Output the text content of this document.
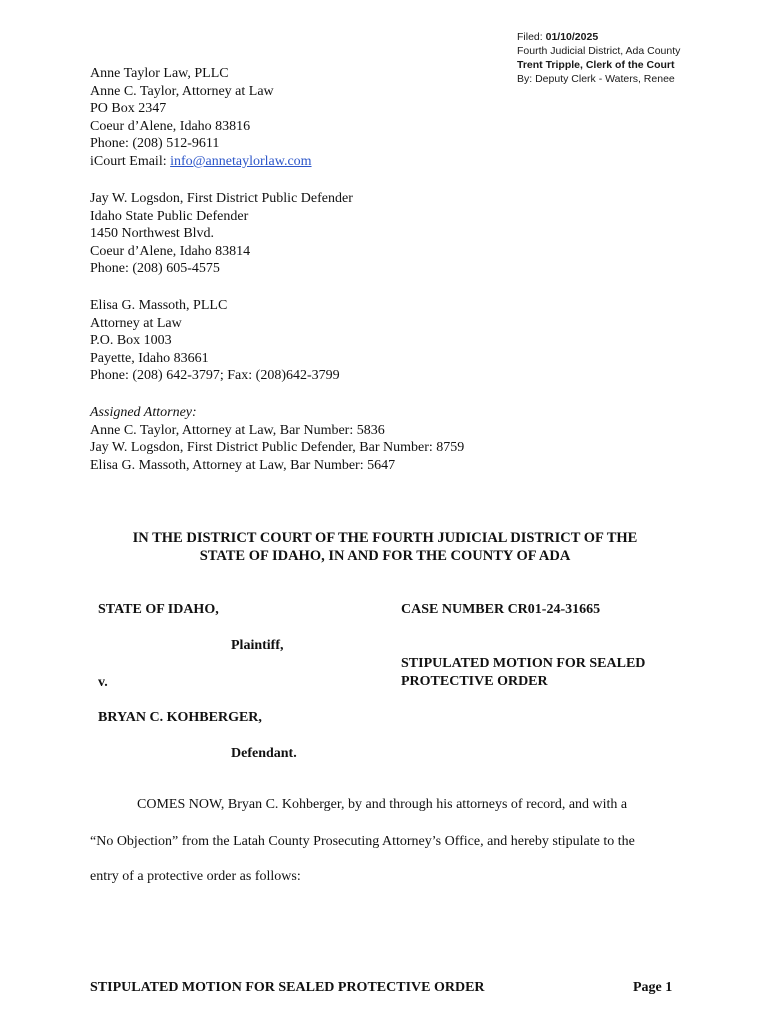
Filed: 01/10/2025
Fourth Judicial District, Ada County
Trent Tripple, Clerk of the Court
By: Deputy Clerk - Waters, Renee
Anne Taylor Law, PLLC
Anne C. Taylor, Attorney at Law
PO Box 2347
Coeur d’Alene, Idaho 83816
Phone: (208) 512-9611
iCourt Email: info@annetaylorlaw.com
Jay W. Logsdon, First District Public Defender
Idaho State Public Defender
1450 Northwest Blvd.
Coeur d’Alene, Idaho 83814
Phone: (208) 605-4575
Elisa G. Massoth, PLLC
Attorney at Law
P.O. Box 1003
Payette, Idaho 83661
Phone: (208) 642-3797; Fax: (208)642-3799
Assigned Attorney:
Anne C. Taylor, Attorney at Law, Bar Number: 5836
Jay W. Logsdon, First District Public Defender, Bar Number: 8759
Elisa G. Massoth, Attorney at Law, Bar Number: 5647
IN THE DISTRICT COURT OF THE FOURTH JUDICIAL DISTRICT OF THE
STATE OF IDAHO, IN AND FOR THE COUNTY OF ADA
STATE OF IDAHO,
Plaintiff,
v.
BRYAN C. KOHBERGER,
Defendant.
CASE NUMBER CR01-24-31665
STIPULATED MOTION FOR SEALED
PROTECTIVE ORDER
COMES NOW, Bryan C. Kohberger, by and through his attorneys of record, and with a
“No Objection” from the Latah County Prosecuting Attorney’s Office, and hereby stipulate to the
entry of a protective order as follows:
STIPULATED MOTION FOR SEALED PROTECTIVE ORDER	Page 1
